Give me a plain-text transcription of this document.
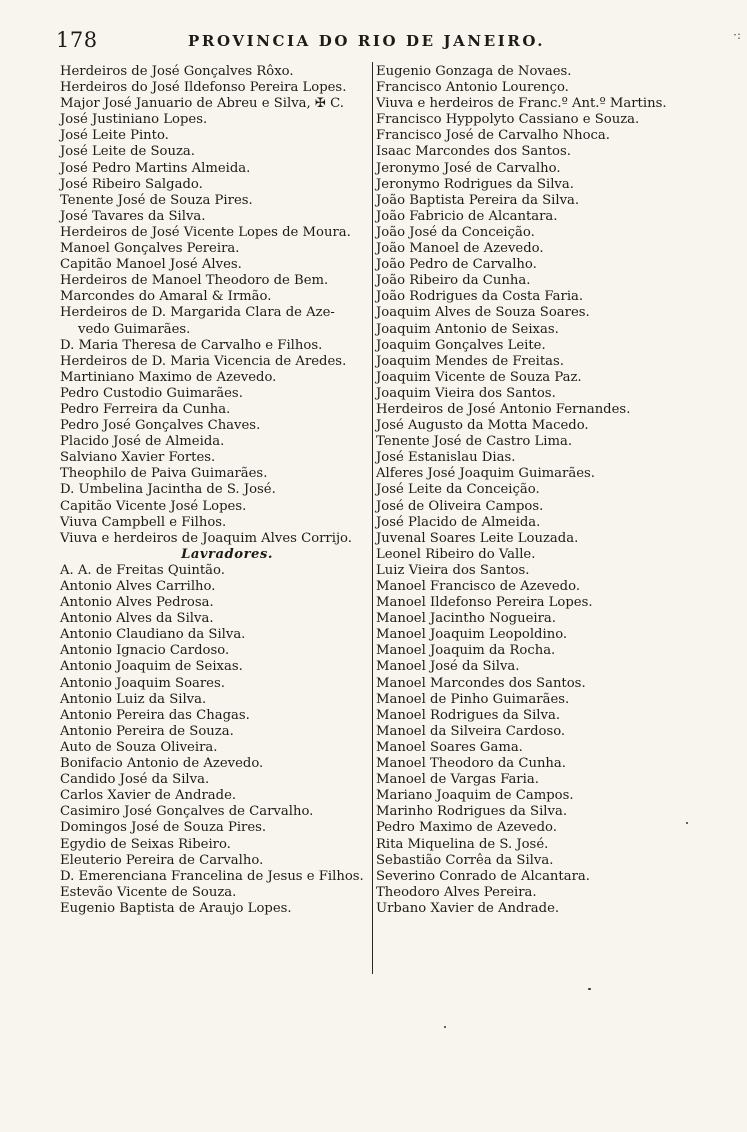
178	PROVINCIA DO RIO DE JANEIRO.	·:
Herdeiros de José Gonçalves Rôxo.
Herdeiros do José Ildefonso Pereira Lopes.
Major José Januario de Abreu e Silva, ✠ C.
José Justiniano Lopes.
José Leite Pinto.
José Leite de Souza.
José Pedro Martins Almeida.
José Ribeiro Salgado.
Tenente José de Souza Pires.
José Tavares da Silva.
Herdeiros de José Vicente Lopes de Moura.
Manoel Gonçalves Pereira.
Capitão Manoel José Alves.
Herdeiros de Manoel Theodoro de Bem.
Marcondes do Amaral & Irmão.
Herdeiros de D. Margarida Clara de Aze-
vedo Guimarães.
D. Maria Theresa de Carvalho e Filhos.
Herdeiros de D. Maria Vicencia de Aredes.
Martiniano Maximo de Azevedo.
Pedro Custodio Guimarães.
Pedro Ferreira da Cunha.
Pedro José Gonçalves Chaves.
Placido José de Almeida.
Salviano Xavier Fortes.
Theophilo de Paiva Guimarães.
D. Umbelina Jacintha de S. José.
Capitão Vicente José Lopes.
Viuva Campbell e Filhos.
Viuva e herdeiros de Joaquim Alves Corrijo.
Lavradores.
A. A. de Freitas Quintão.
Antonio Alves Carrilho.
Antonio Alves Pedrosa.
Antonio Alves da Silva.
Antonio Claudiano da Silva.
Antonio Ignacio Cardoso.
Antonio Joaquim de Seixas.
Antonio Joaquim Soares.
Antonio Luiz da Silva.
Antonio Pereira das Chagas.
Antonio Pereira de Souza.
Auto de Souza Oliveira.
Bonifacio Antonio de Azevedo.
Candido José da Silva.
Carlos Xavier de Andrade.
Casimiro José Gonçalves de Carvalho.
Domingos José de Souza Pires.
Egydio de Seixas Ribeiro.
Eleuterio Pereira de Carvalho.
D. Emerenciana Francelina de Jesus e Filhos.
Estevão Vicente de Souza.
Eugenio Baptista de Araujo Lopes.
Eugenio Gonzaga de Novaes.
Francisco Antonio Lourenço.
Viuva e herdeiros de Franc.º Ant.º Martins.
Francisco Hyppolyto Cassiano e Souza.
Francisco José de Carvalho Nhoca.
Isaac Marcondes dos Santos.
Jeronymo José de Carvalho.
Jeronymo Rodrigues da Silva.
João Baptista Pereira da Silva.
João Fabricio de Alcantara.
João José da Conceição.
João Manoel de Azevedo.
João Pedro de Carvalho.
João Ribeiro da Cunha.
João Rodrigues da Costa Faria.
Joaquim Alves de Souza Soares.
Joaquim Antonio de Seixas.
Joaquim Gonçalves Leite.
Joaquim Mendes de Freitas.
Joaquim Vicente de Souza Paz.
Joaquim Vieira dos Santos.
Herdeiros de José Antonio Fernandes.
José Augusto da Motta Macedo.
Tenente José de Castro Lima.
José Estanislau Dias.
Alferes José Joaquim Guimarães.
José Leite da Conceição.
José de Oliveira Campos.
José Placido de Almeida.
Juvenal Soares Leite Louzada.
Leonel Ribeiro do Valle.
Luiz Vieira dos Santos.
Manoel Francisco de Azevedo.
Manoel Ildefonso Pereira Lopes.
Manoel Jacintho Nogueira.
Manoel Joaquim Leopoldino.
Manoel Joaquim da Rocha.
Manoel José da Silva.
Manoel Marcondes dos Santos.
Manoel de Pinho Guimarães.
Manoel Rodrigues da Silva.
Manoel da Silveira Cardoso.
Manoel Soares Gama.
Manoel Theodoro da Cunha.
Manoel de Vargas Faria.
Mariano Joaquim de Campos.
Marinho Rodrigues da Silva.
Pedro Maximo de Azevedo.
Rita Miquelina de S. José.
Sebastião Corrêa da Silva.
Severino Conrado de Alcantara.
Theodoro Alves Pereira.
Urbano Xavier de Andrade.
